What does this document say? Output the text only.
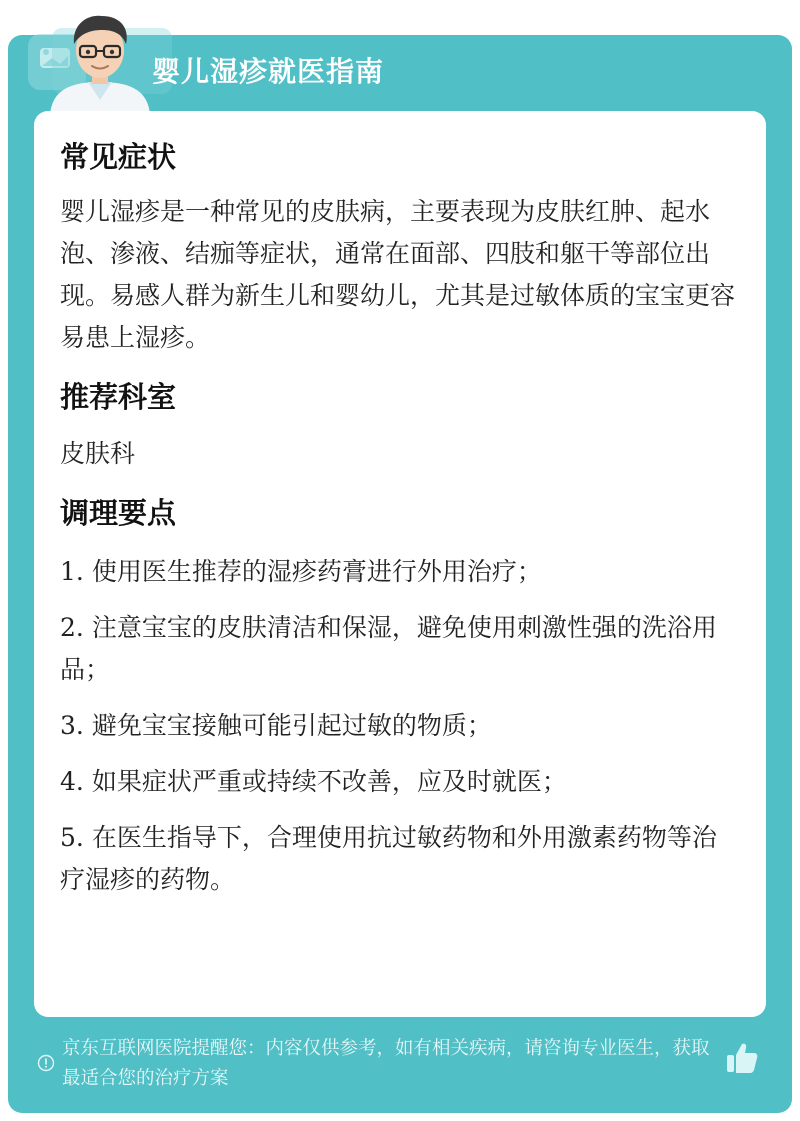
婴儿湿疹就医指南
常见症状

婴儿湿疹是一种常见的皮肤病，主要表现为皮肤红肿、起水泡、渗液、结痂等症状，通常在面部、四肢和躯干等部位出现。易感人群为新生儿和婴幼儿，尤其是过敏体质的宝宝更容易患上湿疹。

推荐科室

皮肤科

调理要点
1. 使用医生推荐的湿疹药膏进行外用治疗；
2. 注意宝宝的皮肤清洁和保湿，避免使用刺激性强的洗浴用品；
3. 避免宝宝接触可能引起过敏的物质；
4. 如果症状严重或持续不改善，应及时就医；
5. 在医生指导下，合理使用抗过敏药物和外用激素药物等治疗湿疹的药物。
京东互联网医院提醒您：内容仅供参考，如有相关疾病，请咨询专业医生，获取最适合您的治疗方案
